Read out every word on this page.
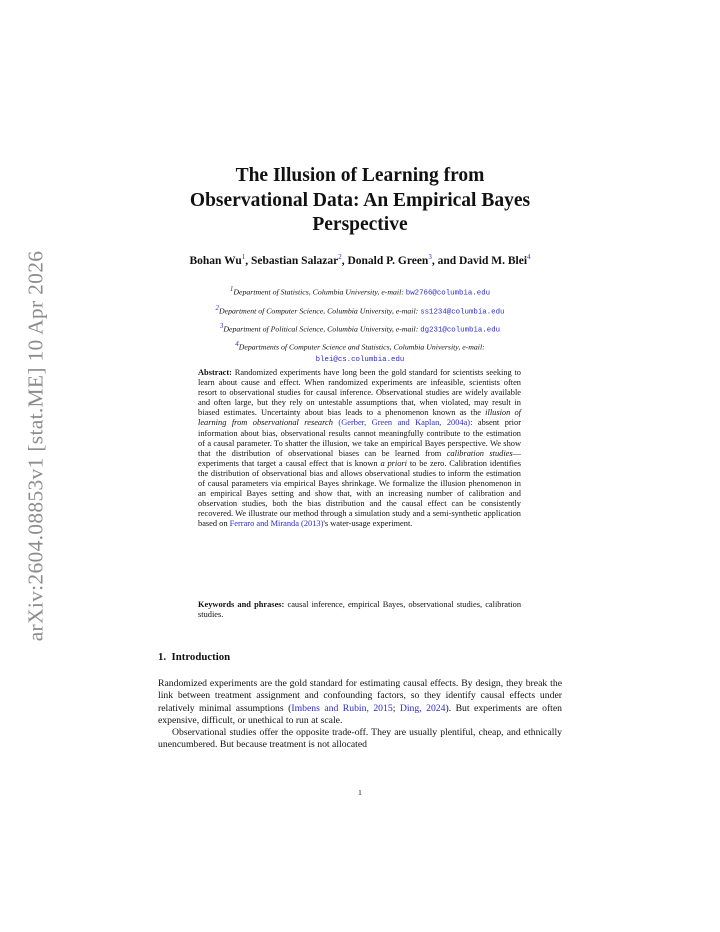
arXiv:2604.08853v1 [stat.ME] 10 Apr 2026
The Illusion of Learning from
Observational Data: An Empirical Bayes
Perspective
Bohan Wu$^1$, Sebastian Salazar$^2$, Donald P. Green$^3$, and David M. Blei$^4$
$^1$Department of Statistics, Columbia University, e-mail: bw2766@columbia.edu
$^2$Department of Computer Science, Columbia University, e-mail: ss1234@columbia.edu
$^3$Department of Political Science, Columbia University, e-mail: dg231@columbia.edu
$^4$Departments of Computer Science and Statistics, Columbia University, e-mail:
blei@cs.columbia.edu
Abstract: Randomized experiments have long been the gold standard for scientists seeking to learn about cause and effect. When randomized experiments are infeasible, scientists often resort to observational studies for causal inference. Observational studies are widely available and often large, but they rely on untestable assumptions that, when violated, may result in biased estimates. Uncertainty about bias leads to a phenomenon known as the illusion of learning from observational research (Gerber, Green and Kaplan, 2004a): absent prior information about bias, observational results cannot meaningfully contribute to the estimation of a causal parameter. To shatter the illusion, we take an empirical Bayes perspective. We show that the distribution of observational biases can be learned from calibration studies—experiments that target a causal effect that is known a priori to be zero. Calibration identifies the distribution of observational bias and allows observational studies to inform the estimation of causal parameters via empirical Bayes shrinkage. We formalize the illusion phenomenon in an empirical Bayes setting and show that, with an increasing number of calibration and observation studies, both the bias distribution and the causal effect can be consistently recovered. We illustrate our method through a simulation study and a semi-synthetic application based on Ferraro and Miranda (2013)'s water-usage experiment.
Keywords and phrases: causal inference, empirical Bayes, observational studies, calibration studies.
1. Introduction

Randomized experiments are the gold standard for estimating causal effects. By design, they break the link between treatment assignment and confounding factors, so they identify causal effects under relatively minimal assumptions (Imbens and Rubin, 2015; Ding, 2024). But experiments are often expensive, difficult, or unethical to run at scale.

Observational studies offer the opposite trade-off. They are usually plentiful, cheap, and ethnically unencumbered. But because treatment is not allocated

1
